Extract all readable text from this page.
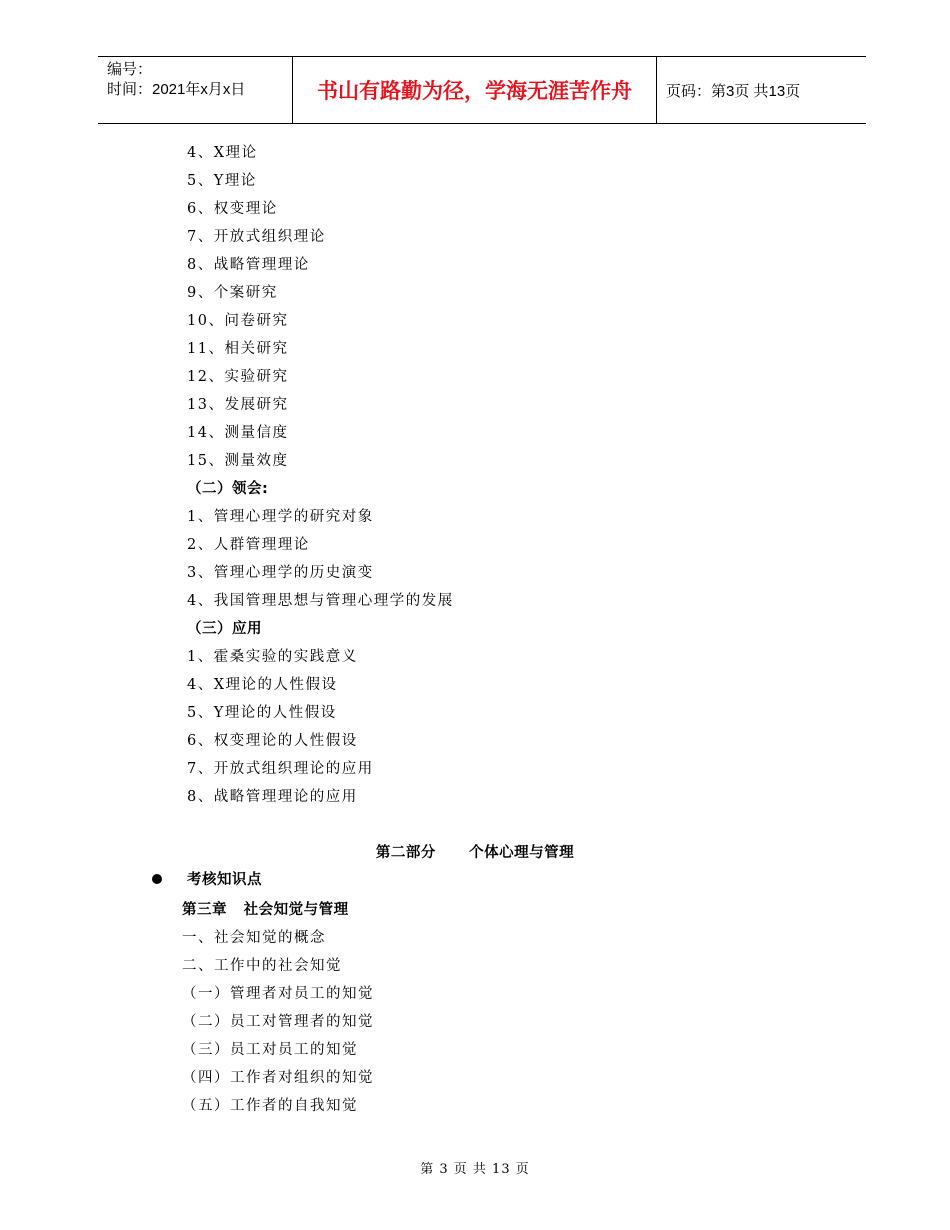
编号：
时间：2021年x月x日	书山有路勤为径，学海无涯苦作舟	页码：第3页 共13页
4、X理论
5、Y理论
6、权变理论
7、开放式组织理论
8、战略管理理论
9、个案研究
10、问卷研究
11、相关研究
12、实验研究
13、发展研究
14、测量信度
15、测量效度
（二）领会:
1、管理心理学的研究对象
2、人群管理理论
3、管理心理学的历史演变
4、我国管理思想与管理心理学的发展
（三）应用
1、霍桑实验的实践意义
4、X理论的人性假设
5、Y理论的人性假设
6、权变理论的人性假设
7、开放式组织理论的应用
8、战略管理理论的应用
第二部分      个体心理与管理
考核知识点
第三章   社会知觉与管理
一、社会知觉的概念
二、工作中的社会知觉
（一）管理者对员工的知觉
（二）员工对管理者的知觉
（三）员工对员工的知觉
（四）工作者对组织的知觉
（五）工作者的自我知觉
第 3 页 共 13 页
